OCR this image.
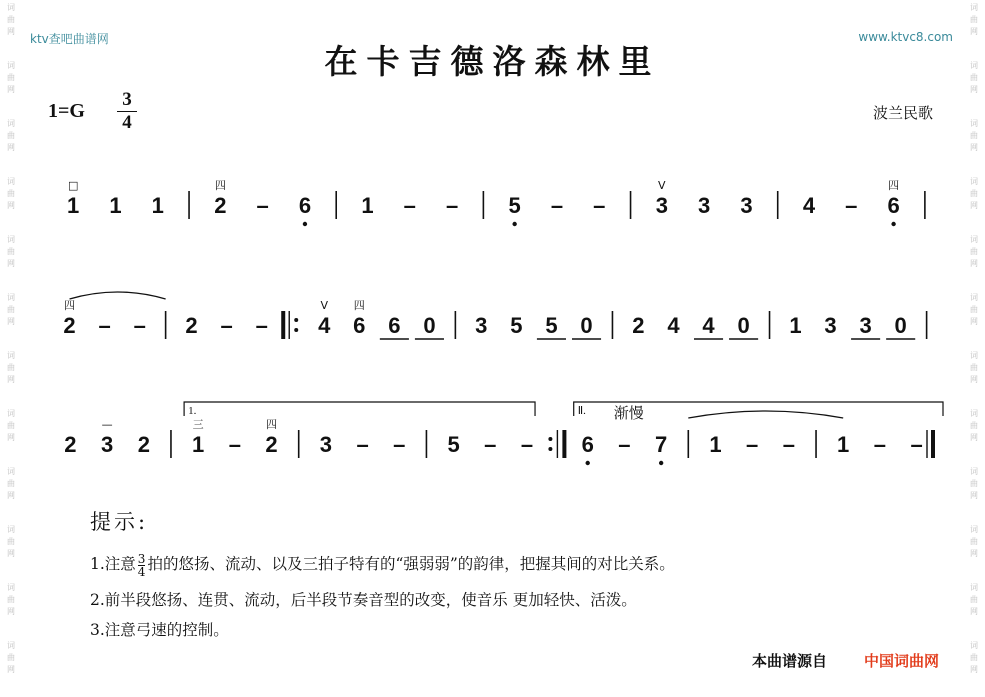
词
曲
网
词
曲
网
词
曲
网
词
曲
网
词
曲
网
词
曲
网
词
曲
网
词
曲
网
词
曲
网
词
曲
网
词
曲
网
词
曲
网
词
曲
网
词
曲
网
词
曲
网
词
曲
网
词
曲
网
词
曲
网
词
曲
网
词
曲
网
词
曲
网
词
曲
网
词
曲
网
词
曲
网
ktv查吧曲谱网	www.ktvc8.com
在卡吉德洛森林里
1=G
3
4	波兰民歌
1
□
1 1 2
四
– 6 1 – – 5 – – 3
V
3 3 4 – 6
四
2
四
– – 2 – – 4
V
6
四
6 0 3 5 5 0 2 4 4 0 1 3 3 0
2 3
—
2 1
三
– 2
四
3 – – 5 – – 6 – 7 1 – – 1 – –
1.	Ⅱ. 渐慢
提示:
1.注意 $\frac{3}{4}$ 拍的悠扬、流动、以及三拍子特有的“强弱弱”的韵律，把握其间的对比关系。
2.前半段悠扬、连贯、流动，后半段节奏音型的改变，使音乐 更加轻快、活泼。
3.注意弓速的控制。
本曲谱源自 中国词曲网
